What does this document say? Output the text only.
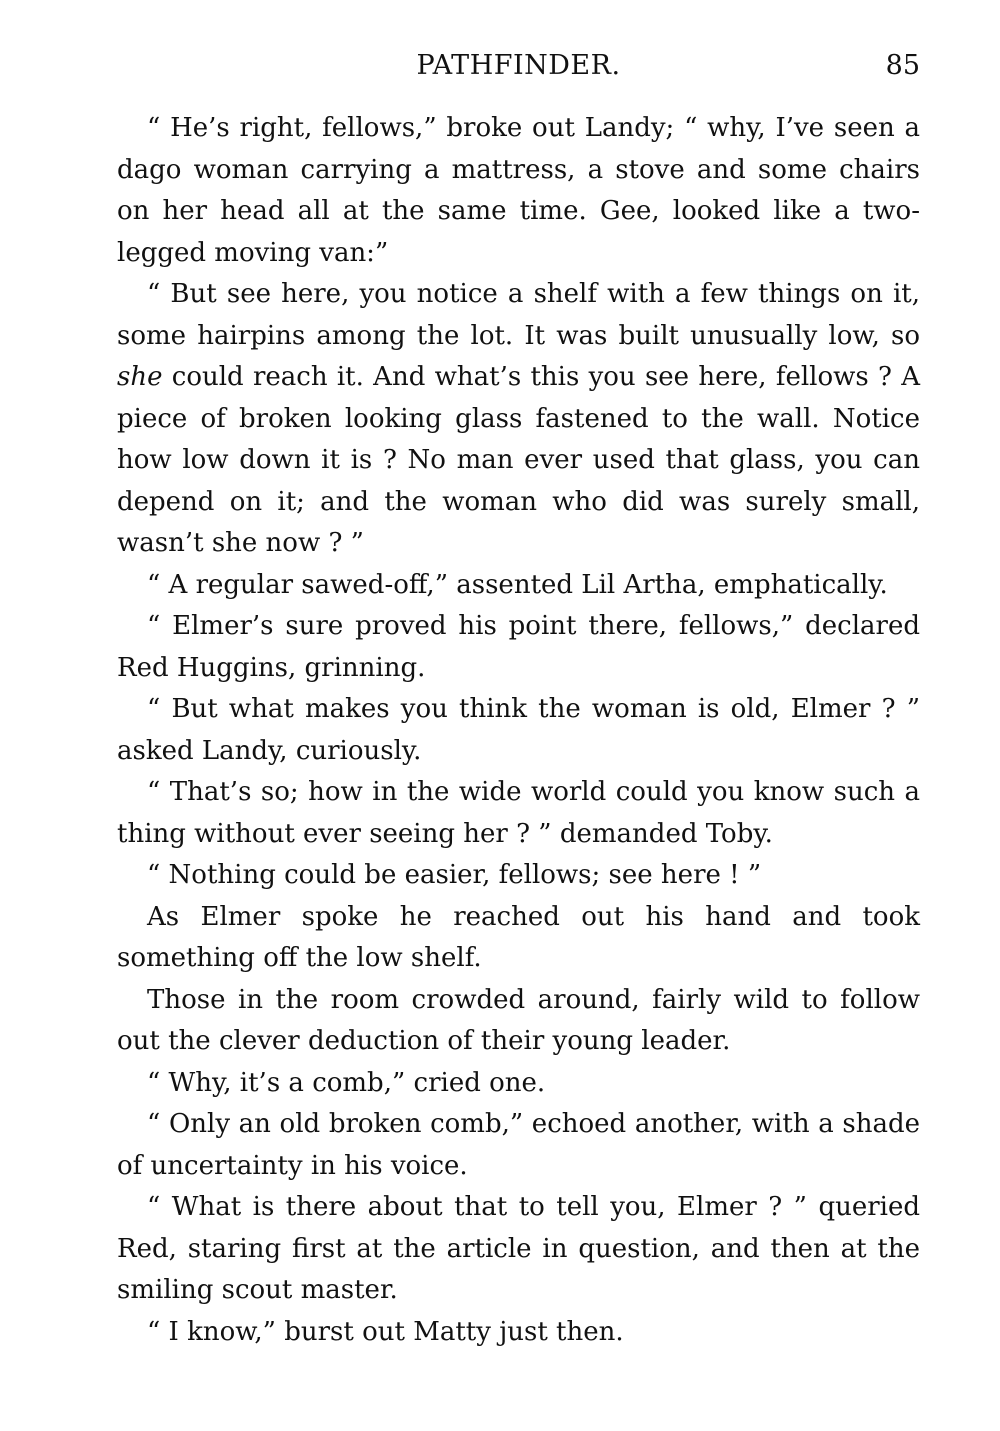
PATHFINDER.	85

“ He’s right, fellows,” broke out Landy; “ why, I’ve seen a dago woman carrying a mattress, a stove and some chairs on her head all at the same time. Gee, looked like a two-legged moving van:”

“ But see here, you notice a shelf with a few things on it, some hairpins among the lot. It was built unusually low, so she could reach it. And what’s this you see here, fellows ? A piece of broken looking glass fastened to the wall. Notice how low down it is ? No man ever used that glass, you can depend on it; and the woman who did was surely small, wasn’t she now ? ”

“ A regular sawed-off,” assented Lil Artha, emphatically.

“ Elmer’s sure proved his point there, fellows,” declared Red Huggins, grinning.

“ But what makes you think the woman is old, Elmer ? ” asked Landy, curiously.

“ That’s so; how in the wide world could you know such a thing without ever seeing her ? ” demanded Toby.

“ Nothing could be easier, fellows; see here ! ”

As Elmer spoke he reached out his hand and took something off the low shelf.

Those in the room crowded around, fairly wild to follow out the clever deduction of their young leader.

“ Why, it’s a comb,” cried one.

“ Only an old broken comb,” echoed another, with a shade of uncertainty in his voice.

“ What is there about that to tell you, Elmer ? ” queried Red, staring first at the article in question, and then at the smiling scout master.

“ I know,” burst out Matty just then.
